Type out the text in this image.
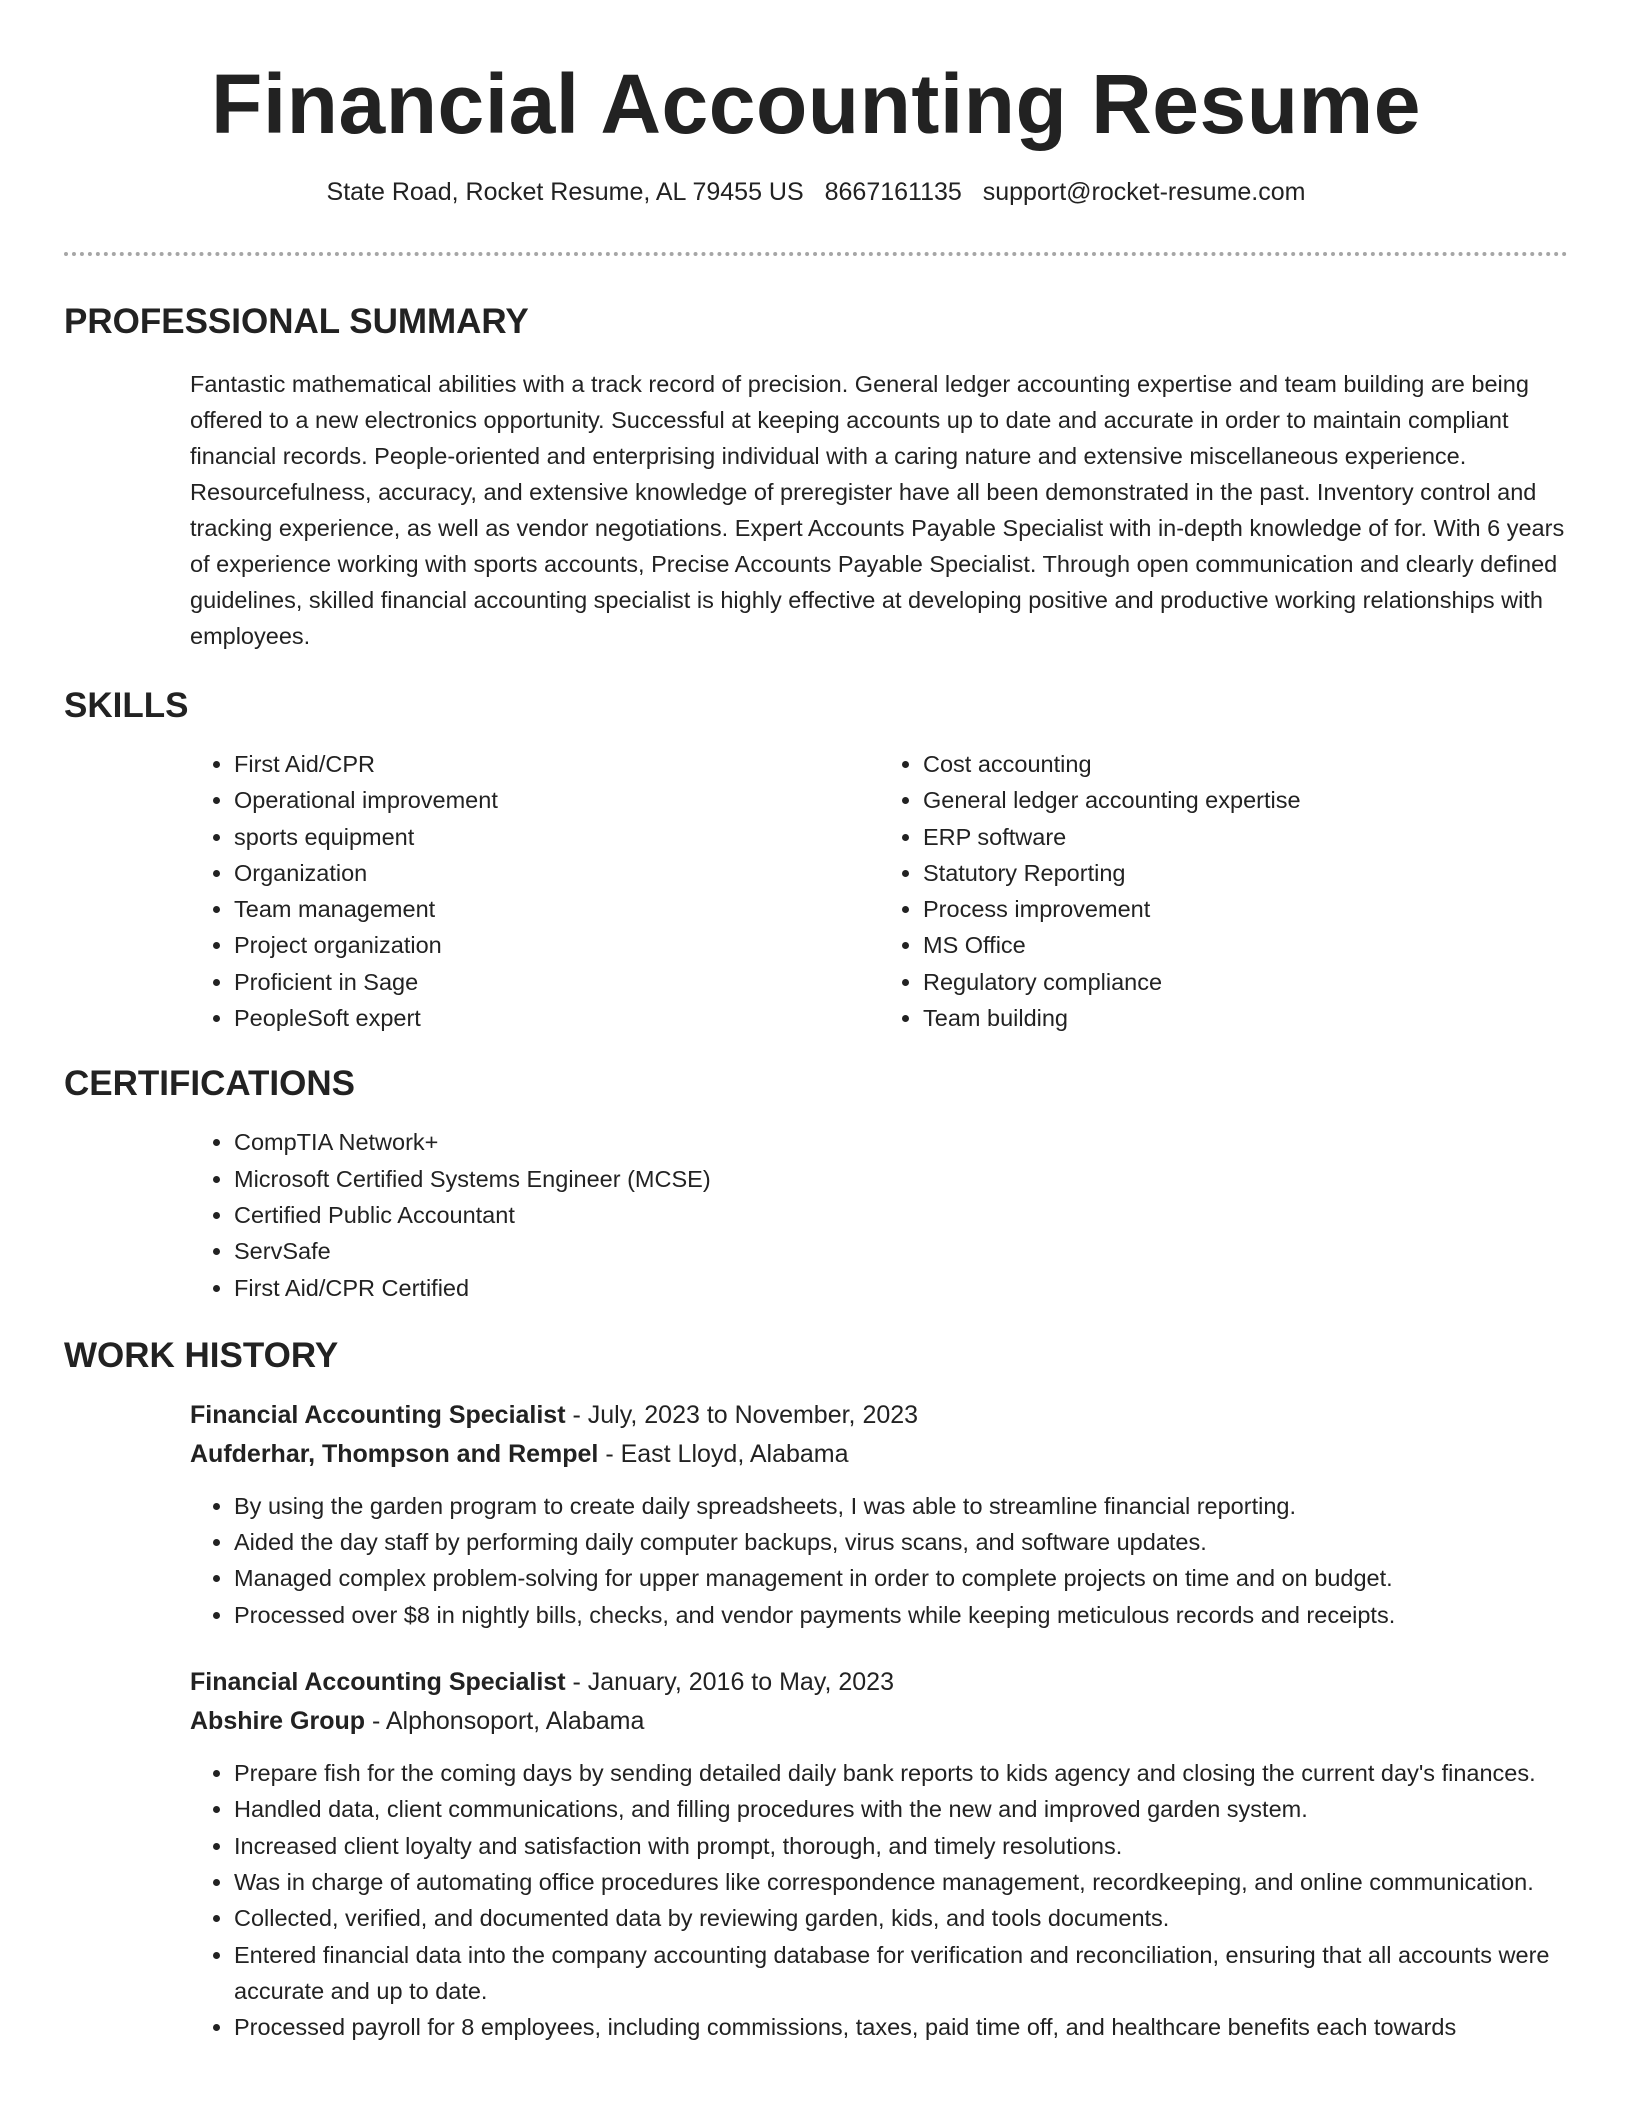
Financial Accounting Resume
State Road, Rocket Resume, AL 79455 US 8667161135 support@rocket-resume.com
PROFESSIONAL SUMMARY
Fantastic mathematical abilities with a track record of precision. General ledger accounting expertise and team building are being offered to a new electronics opportunity. Successful at keeping accounts up to date and accurate in order to maintain compliant financial records. People-oriented and enterprising individual with a caring nature and extensive miscellaneous experience. Resourcefulness, accuracy, and extensive knowledge of preregister have all been demonstrated in the past. Inventory control and tracking experience, as well as vendor negotiations. Expert Accounts Payable Specialist with in-depth knowledge of for. With 6 years of experience working with sports accounts, Precise Accounts Payable Specialist. Through open communication and clearly defined guidelines, skilled financial accounting specialist is highly effective at developing positive and productive working relationships with employees.
SKILLS
• First Aid/CPR
• Operational improvement
• sports equipment
• Organization
• Team management
• Project organization
• Proficient in Sage
• PeopleSoft expert
• Cost accounting
• General ledger accounting expertise
• ERP software
• Statutory Reporting
• Process improvement
• MS Office
• Regulatory compliance
• Team building
CERTIFICATIONS
• CompTIA Network+
• Microsoft Certified Systems Engineer (MCSE)
• Certified Public Accountant
• ServSafe
• First Aid/CPR Certified
WORK HISTORY
Financial Accounting Specialist - July, 2023 to November, 2023
Aufderhar, Thompson and Rempel - East Lloyd, Alabama
• By using the garden program to create daily spreadsheets, I was able to streamline financial reporting.
• Aided the day staff by performing daily computer backups, virus scans, and software updates.
• Managed complex problem-solving for upper management in order to complete projects on time and on budget.
• Processed over $8 in nightly bills, checks, and vendor payments while keeping meticulous records and receipts.
Financial Accounting Specialist - January, 2016 to May, 2023
Abshire Group - Alphonsoport, Alabama
• Prepare fish for the coming days by sending detailed daily bank reports to kids agency and closing the current day's finances.
• Handled data, client communications, and filling procedures with the new and improved garden system.
• Increased client loyalty and satisfaction with prompt, thorough, and timely resolutions.
• Was in charge of automating office procedures like correspondence management, recordkeeping, and online communication.
• Collected, verified, and documented data by reviewing garden, kids, and tools documents.
• Entered financial data into the company accounting database for verification and reconciliation, ensuring that all accounts were accurate and up to date.
• Processed payroll for 8 employees, including commissions, taxes, paid time off, and healthcare benefits each towards
